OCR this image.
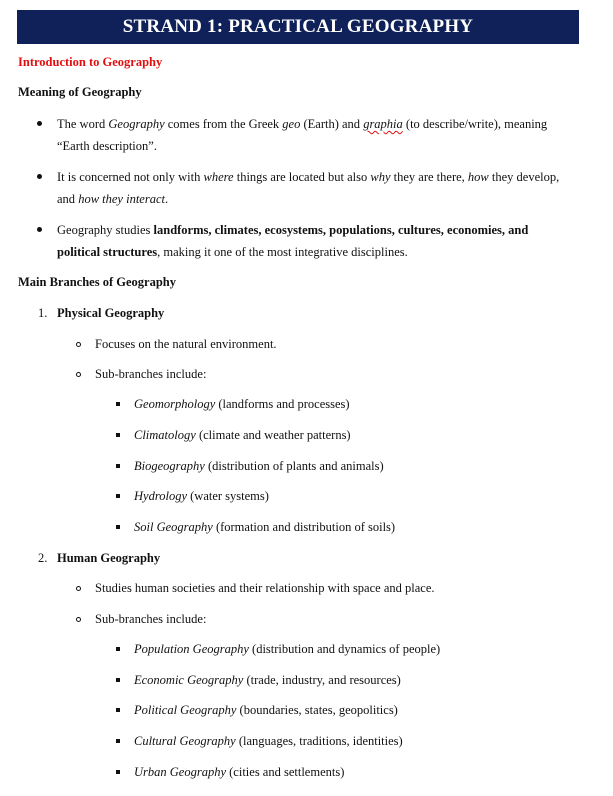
STRAND 1: PRACTICAL GEOGRAPHY
Introduction to Geography
Meaning of Geography
The word Geography comes from the Greek geo (Earth) and graphia (to describe/write), meaning
“Earth description”.
It is concerned not only with where things are located but also why they are there, how they develop,
and how they interact.
Geography studies landforms, climates, ecosystems, populations, cultures, economies, and
political structures, making it one of the most integrative disciplines.
Main Branches of Geography
1. Physical Geography
Focuses on the natural environment.
Sub-branches include:
Geomorphology (landforms and processes)
Climatology (climate and weather patterns)
Biogeography (distribution of plants and animals)
Hydrology (water systems)
Soil Geography (formation and distribution of soils)
2. Human Geography
Studies human societies and their relationship with space and place.
Sub-branches include:
Population Geography (distribution and dynamics of people)
Economic Geography (trade, industry, and resources)
Political Geography (boundaries, states, geopolitics)
Cultural Geography (languages, traditions, identities)
Urban Geography (cities and settlements)
